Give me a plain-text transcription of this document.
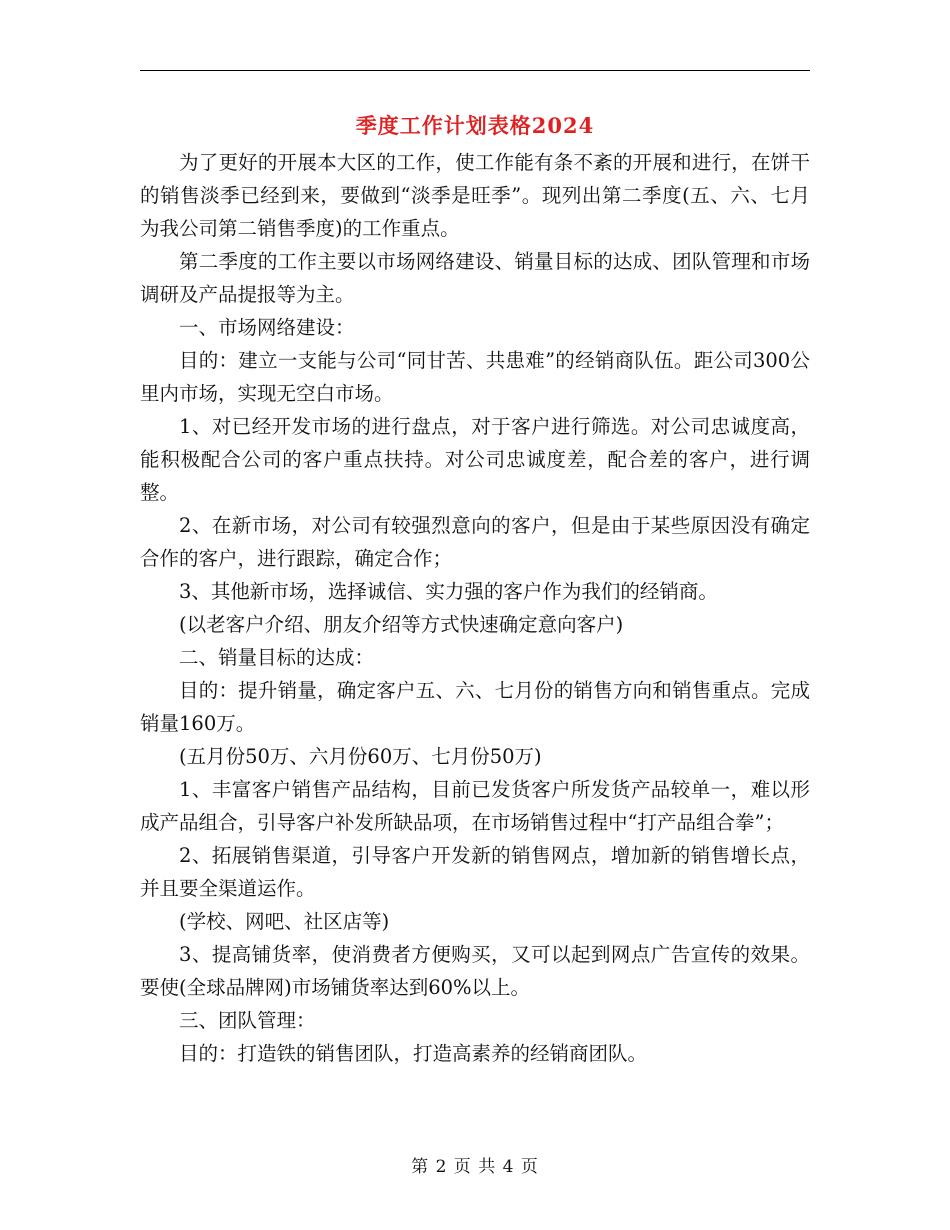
季度工作计划表格2024

为了更好的开展本大区的工作，使工作能有条不紊的开展和进行，在饼干的销售淡季已经到来，要做到“淡季是旺季”。现列出第二季度(五、六、七月为我公司第二销售季度)的工作重点。

第二季度的工作主要以市场网络建设、销量目标的达成、团队管理和市场调研及产品提报等为主。

一、市场网络建设：

目的：建立一支能与公司“同甘苦、共患难”的经销商队伍。距公司300公里内市场，实现无空白市场。

1、对已经开发市场的进行盘点，对于客户进行筛选。对公司忠诚度高，能积极配合公司的客户重点扶持。对公司忠诚度差，配合差的客户，进行调整。

2、在新市场，对公司有较强烈意向的客户，但是由于某些原因没有确定合作的客户，进行跟踪，确定合作；

3、其他新市场，选择诚信、实力强的客户作为我们的经销商。

(以老客户介绍、朋友介绍等方式快速确定意向客户)

二、销量目标的达成：

目的：提升销量，确定客户五、六、七月份的销售方向和销售重点。完成销量160万。

(五月份50万、六月份60万、七月份50万)

1、丰富客户销售产品结构，目前已发货客户所发货产品较单一，难以形成产品组合，引导客户补发所缺品项，在市场销售过程中“打产品组合拳”；

2、拓展销售渠道，引导客户开发新的销售网点，增加新的销售增长点，并且要全渠道运作。

(学校、网吧、社区店等)

3、提高铺货率，使消费者方便购买，又可以起到网点广告宣传的效果。要使(全球品牌网)市场铺货率达到60%以上。

三、团队管理：

目的：打造铁的销售团队，打造高素养的经销商团队。

第 2 页 共 4 页
